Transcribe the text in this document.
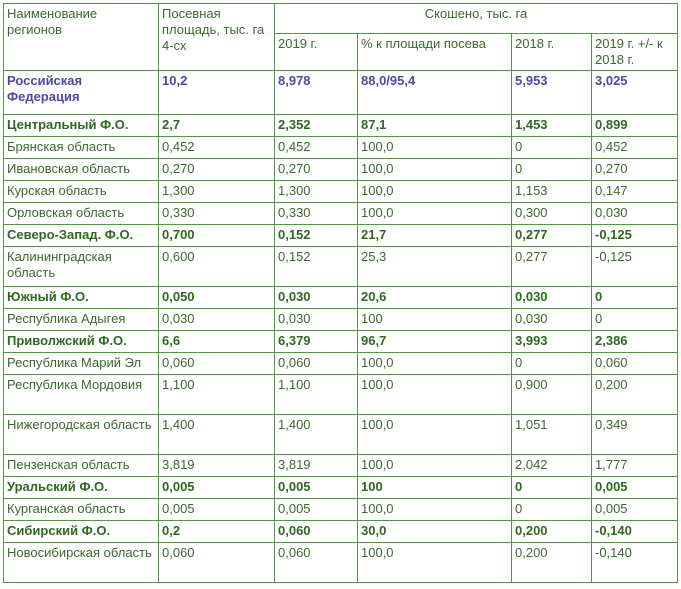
Наименование регионов	Посевная площадь, тыс. га 4-сх	Скошено, тыс. га			
		2019 г.	% к площади посева	2018 г.	2019 г. +/- к 2018 г.
Российская Федерация	10,2	8,978	88,0/95,4	5,953	3,025
Центральный Ф.О.	2,7	2,352	87,1	1,453	0,899
Брянская область	0,452	0,452	100,0	0	0,452
Ивановская область	0,270	0,270	100,0	0	0,270
Курская область	1,300	1,300	100,0	1,153	0,147
Орловская область	0,330	0,330	100,0	0,300	0,030
Северо-Запад. Ф.О.	0,700	0,152	21,7	0,277	-0,125
Калининградская область	0,600	0,152	25,3	0,277	-0,125
Южный Ф.О.	0,050	0,030	20,6	0,030	0
Республика Адыгея	0,030	0,030	100	0,030	0
Приволжский Ф.О.	6,6	6,379	96,7	3,993	2,386
Республика Марий Эл	0,060	0,060	100,0	0	0,060
Республика Мордовия	1,100	1,100	100,0	0,900	0,200
Нижегородская область	1,400	1,400	100,0	1,051	0,349
Пензенская область	3,819	3,819	100,0	2,042	1,777
Уральский Ф.О.	0,005	0,005	100	0	0,005
Курганская область	0,005	0,005	100,0	0	0,005
Сибирский Ф.О.	0,2	0,060	30,0	0,200	-0,140
Новосибирская область	0,060	0,060	100,0	0,200	-0,140
